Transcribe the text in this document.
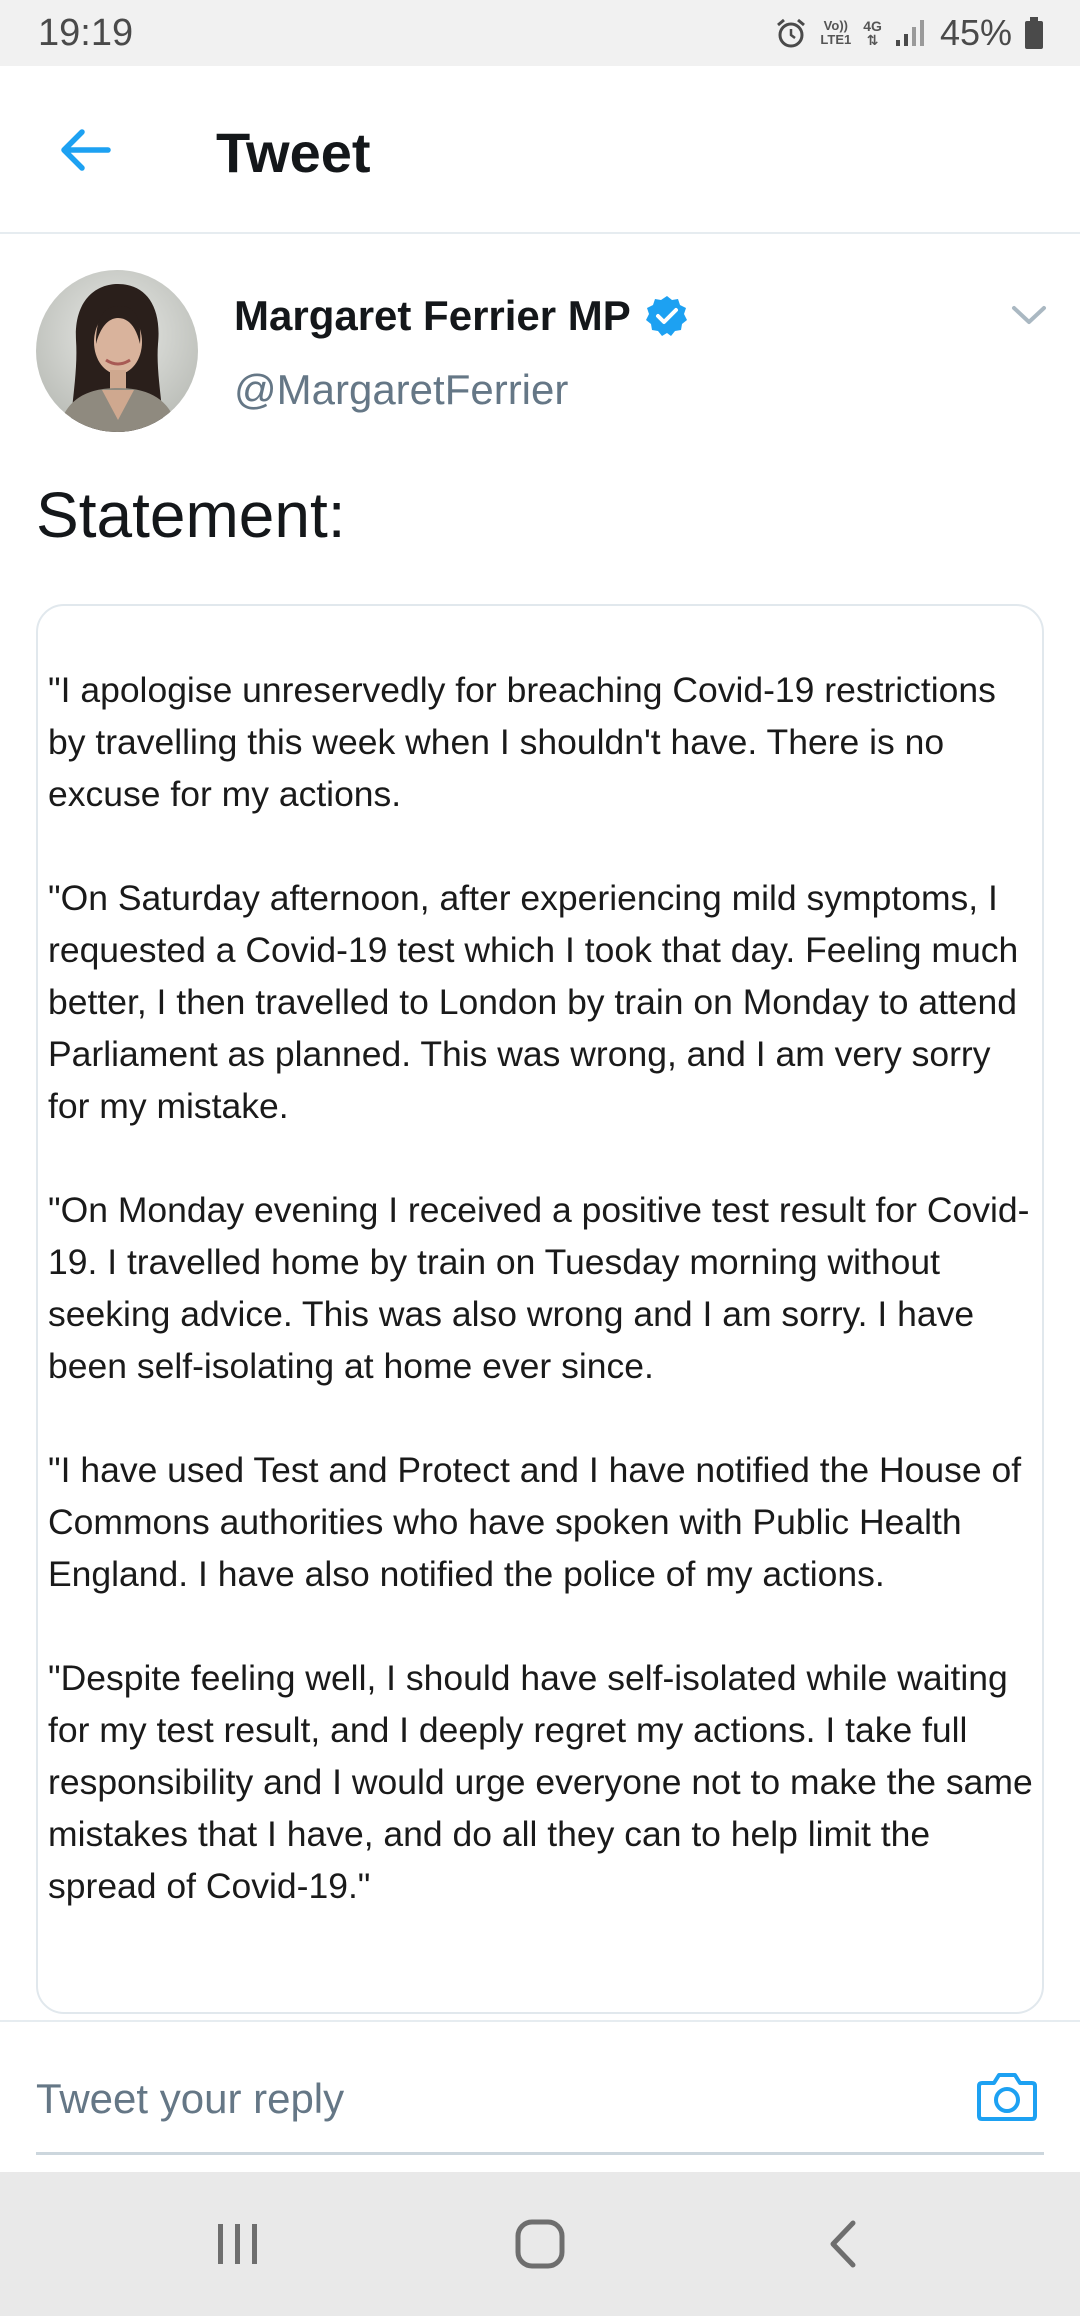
19:19	Vo))
LTE1
4G
⇅ 45%
Tweet
Margaret Ferrier MP
@MargaretFerrier
Statement:

"I apologise unreservedly for breaching Covid-19 restrictions by travelling this week when I shouldn't have. There is no excuse for my actions.

"On Saturday afternoon, after experiencing mild symptoms, I requested a Covid-19 test which I took that day. Feeling much better, I then travelled to London by train on Monday to attend Parliament as planned. This was wrong, and I am very sorry for my mistake.

"On Monday evening I received a positive test result for Covid-19. I travelled home by train on Tuesday morning without seeking advice. This was also wrong and I am sorry. I have been self-isolating at home ever since.

"I have used Test and Protect and I have notified the House of Commons authorities who have spoken with Public Health England. I have also notified the police of my actions.

"Despite feeling well, I should have self-isolated while waiting for my test result, and I deeply regret my actions. I take full responsibility and I would urge everyone not to make the same mistakes that I have, and do all they can to help limit the spread of Covid-19."

Tweet your reply
